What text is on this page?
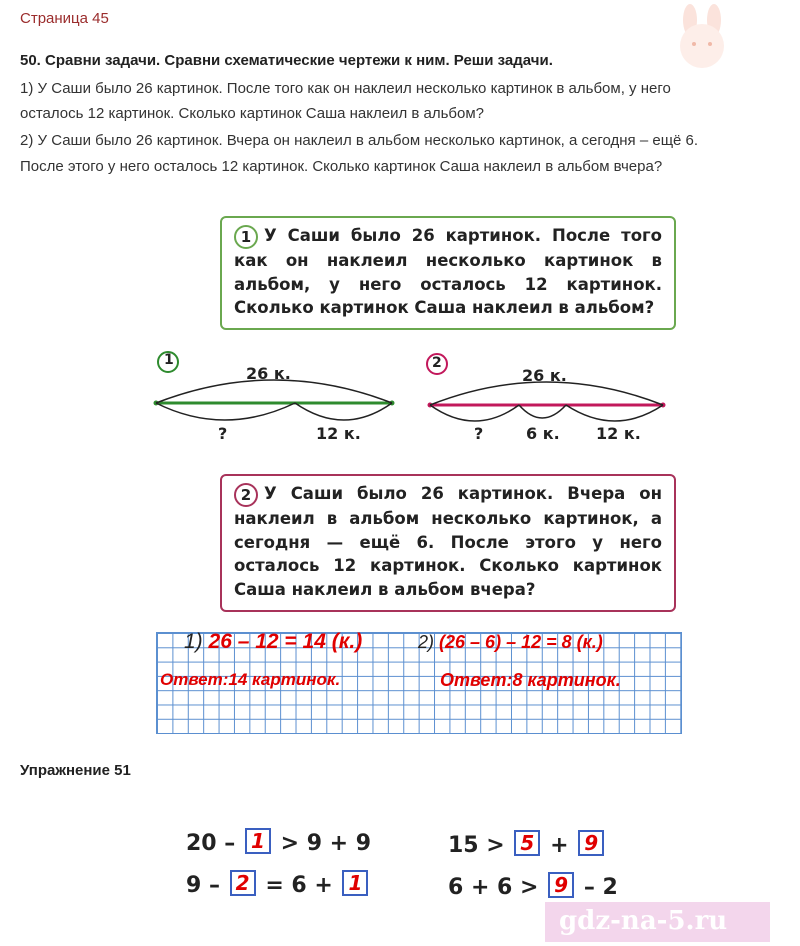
Страница 45
50. Сравни задачи. Сравни схематические чертежи к ним. Реши задачи.
1) У Саши было 26 картинок. После того как он наклеил несколько картинок в альбом, у него
осталось 12 картинок. Сколько картинок Саша наклеил в альбом?
2) У Саши было 26 картинок. Вчера он наклеил в альбом несколько картинок, а сегодня – ещё 6.
После этого у него осталось 12 картинок. Сколько картинок Саша наклеил в альбом вчера?
1 У Саши было 26 картинок. После того как он наклеил несколько картинок в альбом, у него осталось 12 картинок. Сколько картинок Саша наклеил в альбом?
1
26 к.
?	12 к.
2
26 к.
?	6 к. 12 к.
2 У Саши было 26 картинок. Вчера он наклеил в альбом несколько картинок, а сегодня — ещё 6. После этого у него осталось 12 картинок. Сколько картинок Саша наклеил в альбом вчера?
1) 26 – 12 = 14 (к.)	2) (26 – 6) – 12 = 8 (к.)
Ответ:14 картинок.	Ответ:8 картинок.
Упражнение 51
20 – 1 > 9 + 9
9 – 2 = 6 + 1
15 > 5 + 9
6 + 6 > 9 – 2
gdz-na-5.ru
